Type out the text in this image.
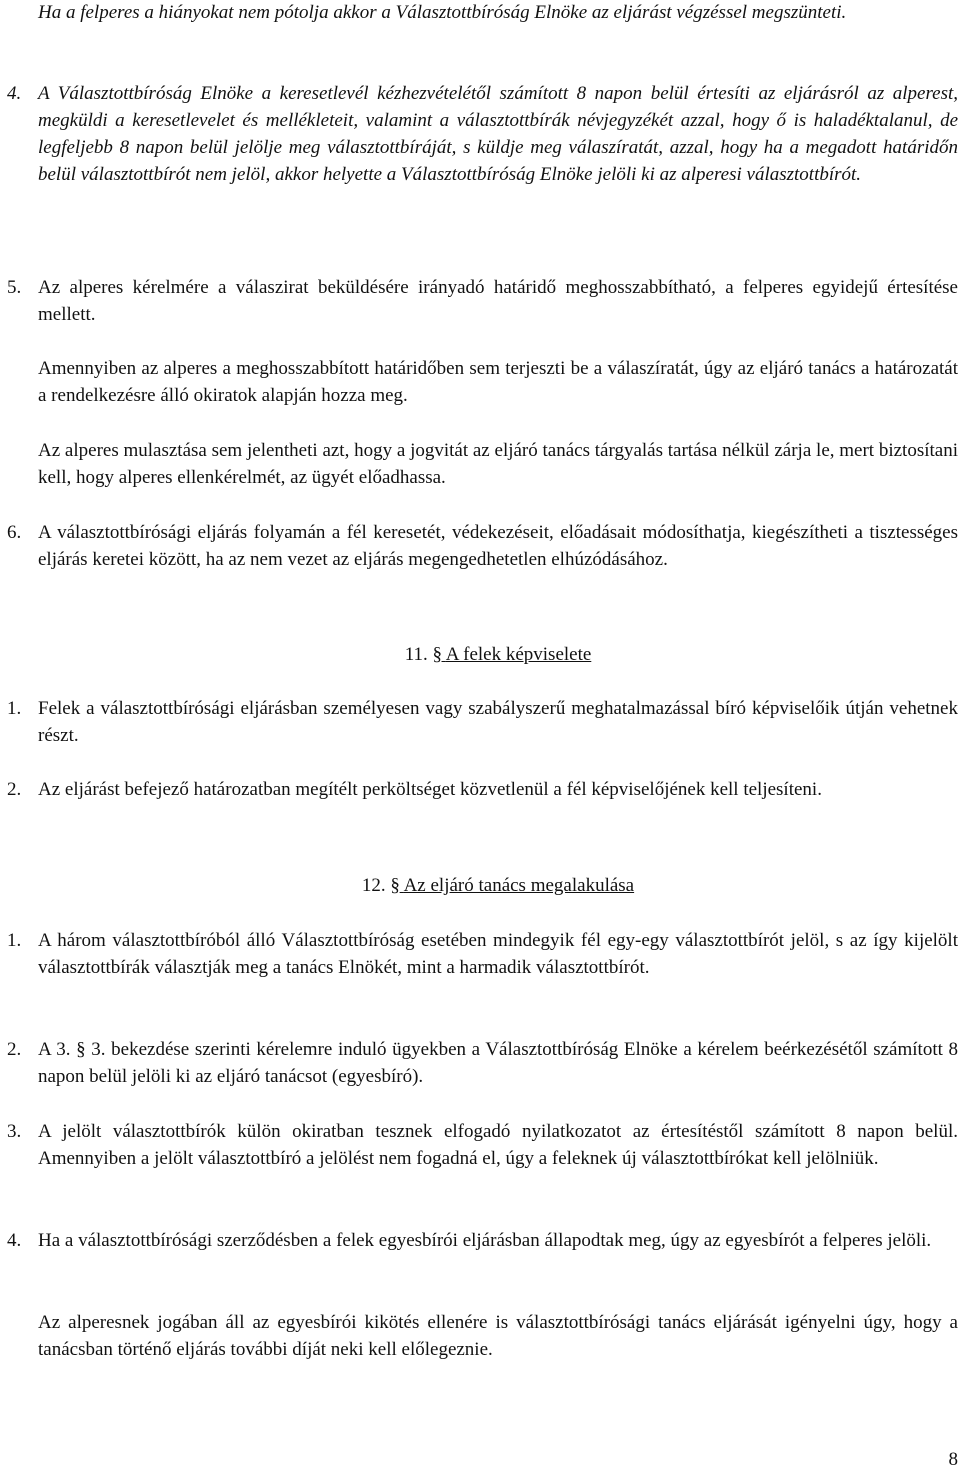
Ha a felperes a hiányokat nem pótolja akkor a Választottbíróság Elnöke az eljárást végzéssel megszünteti.

4. A Választottbíróság Elnöke a keresetlevél kézhezvételétől számított 8 napon belül értesíti az eljárásról az alperest, megküldi a keresetlevelet és mellékleteit, valamint a választottbírák névjegyzékét azzal, hogy ő is haladéktalanul, de legfeljebb 8 napon belül jelölje meg választottbíráját, s küldje meg válaszíratát, azzal, hogy ha a megadott határidőn belül választottbírót nem jelöl, akkor helyette a Választottbíróság Elnöke jelöli ki az alperesi választottbírót.

5. Az alperes kérelmére a válaszirat beküldésére irányadó határidő meghosszabbítható, a felperes egyidejű értesítése mellett.

Amennyiben az alperes a meghosszabbított határidőben sem terjeszti be a válaszíratát, úgy az eljáró tanács a határozatát a rendelkezésre álló okiratok alapján hozza meg.

Az alperes mulasztása sem jelentheti azt, hogy a jogvitát az eljáró tanács tárgyalás tartása nélkül zárja le, mert biztosítani kell, hogy alperes ellenkérelmét, az ügyét előadhassa.

6. A választottbírósági eljárás folyamán a fél keresetét, védekezéseit, előadásait módosíthatja, kiegészítheti a tisztességes eljárás keretei között, ha az nem vezet az eljárás megengedhetetlen elhúzódásához.

11. § A felek képviselete

1. Felek a választottbírósági eljárásban személyesen vagy szabályszerű meghatalmazással bíró képviselőik útján vehetnek részt.

2. Az eljárást befejező határozatban megítélt perköltséget közvetlenül a fél képviselőjének kell teljesíteni.

12. § Az eljáró tanács megalakulása

1. A három választottbíróból álló Választottbíróság esetében mindegyik fél egy-egy választottbírót jelöl, s az így kijelölt választottbírák választják meg a tanács Elnökét, mint a harmadik választottbírót.

2. A 3. § 3. bekezdése szerinti kérelemre induló ügyekben a Választottbíróság Elnöke a kérelem beérkezésétől számított 8 napon belül jelöli ki az eljáró tanácsot (egyesbíró).

3. A jelölt választottbírók külön okiratban tesznek elfogadó nyilatkozatot az értesítéstől számított 8 napon belül. Amennyiben a jelölt választottbíró a jelölést nem fogadná el, úgy a feleknek új választottbírókat kell jelölniük.

4. Ha a választottbírósági szerződésben a felek egyesbírói eljárásban állapodtak meg, úgy az egyesbírót a felperes jelöli.

Az alperesnek jogában áll az egyesbírói kikötés ellenére is választottbírósági tanács eljárását igényelni úgy, hogy a tanácsban történő eljárás további díját neki kell előlegeznie.

8
